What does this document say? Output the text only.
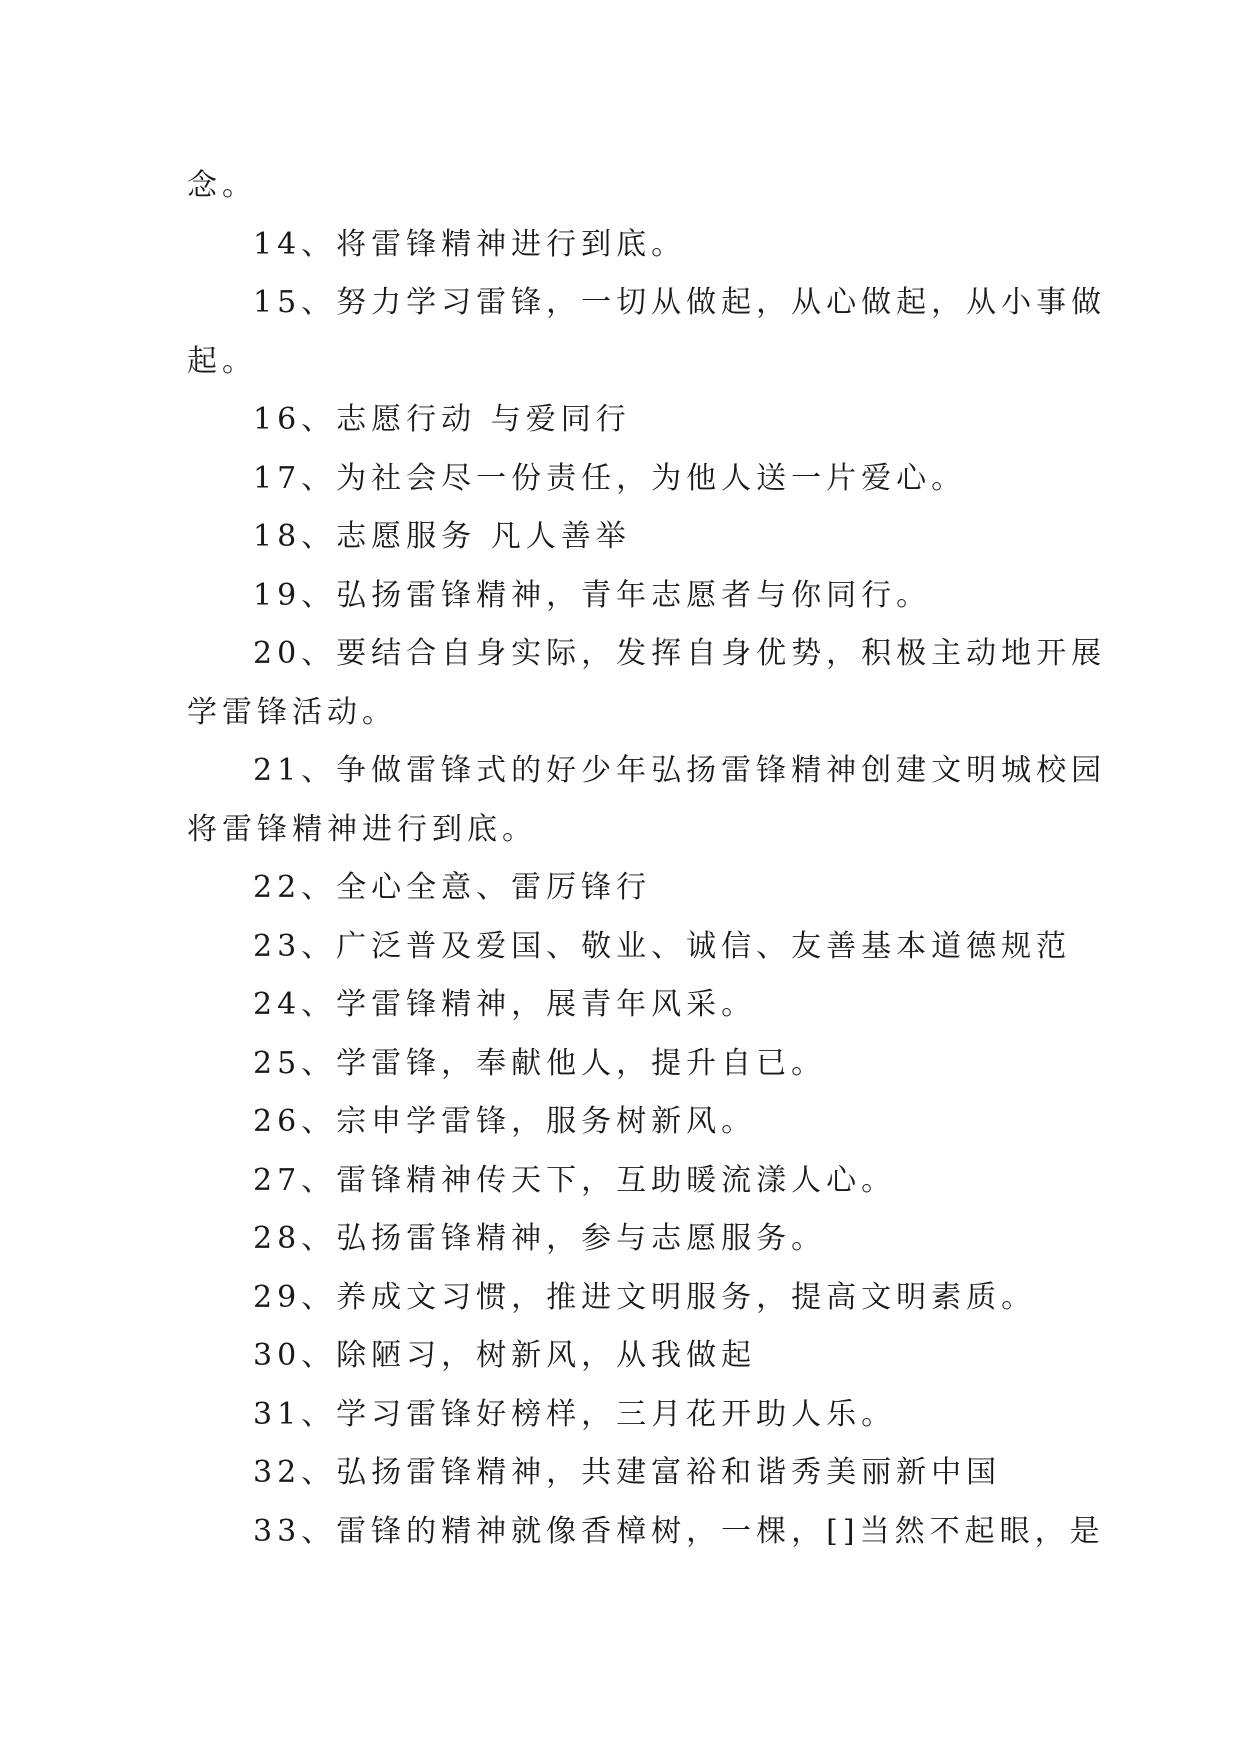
念。
14、将雷锋精神进行到底。
15、努力学习雷锋，一切从做起，从心做起，从小事做
起。
16、志愿行动 与爱同行
17、为社会尽一份责任，为他人送一片爱心。
18、志愿服务 凡人善举
19、弘扬雷锋精神，青年志愿者与你同行。
20、要结合自身实际，发挥自身优势，积极主动地开展
学雷锋活动。
21、争做雷锋式的好少年弘扬雷锋精神创建文明城校园
将雷锋精神进行到底。
22、全心全意、雷厉锋行
23、广泛普及爱国、敬业、诚信、友善基本道德规范
24、学雷锋精神，展青年风采。
25、学雷锋，奉献他人，提升自已。
26、宗申学雷锋，服务树新风。
27、雷锋精神传天下，互助暖流漾人心。
28、弘扬雷锋精神，参与志愿服务。
29、养成文习惯，推进文明服务，提高文明素质。
30、除陋习，树新风，从我做起
31、学习雷锋好榜样，三月花开助人乐。
32、弘扬雷锋精神，共建富裕和谐秀美丽新中国
33、雷锋的精神就像香樟树，一棵，[]当然不起眼，是
